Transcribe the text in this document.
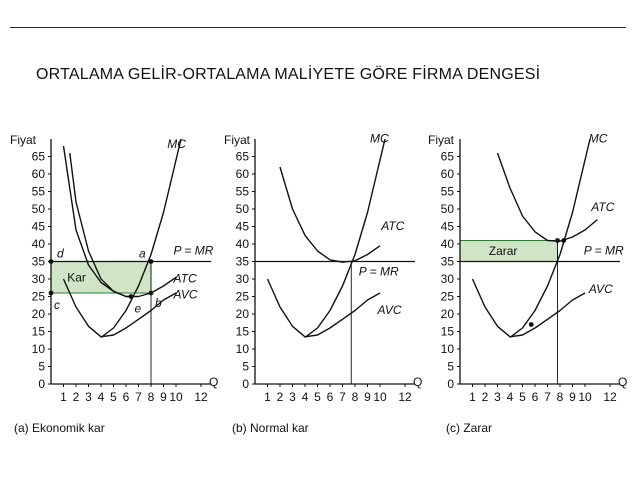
ORTALAMA GELİR-ORTALAMA MALİYETE GÖRE FİRMA DENGESİ
Kar
0
5
10
15
20
25
30
35
40
45
50
55
60
65
1 2 3 4 5 6 7 8 9 10 12
Fiyat
Q
MC
ATC
AVC
P = MR
d	a
b
c	e
(a) Ekonomik kar
0
5
10
15
20
25
30
35
40
45
50
55
60
65
1 2 3 4 5 6 7 8 9 10 12
Fiyat
Q
MC
ATC
AVC
P = MR
(b) Normal kar
Zarar
0
5
10
15
20
25
30
35
40
45
50
55
60
65
1 2 3 4 5 6 7 8 9 10 12
Fiyat
Q
MC
ATC
AVC
P = MR
(c) Zarar
